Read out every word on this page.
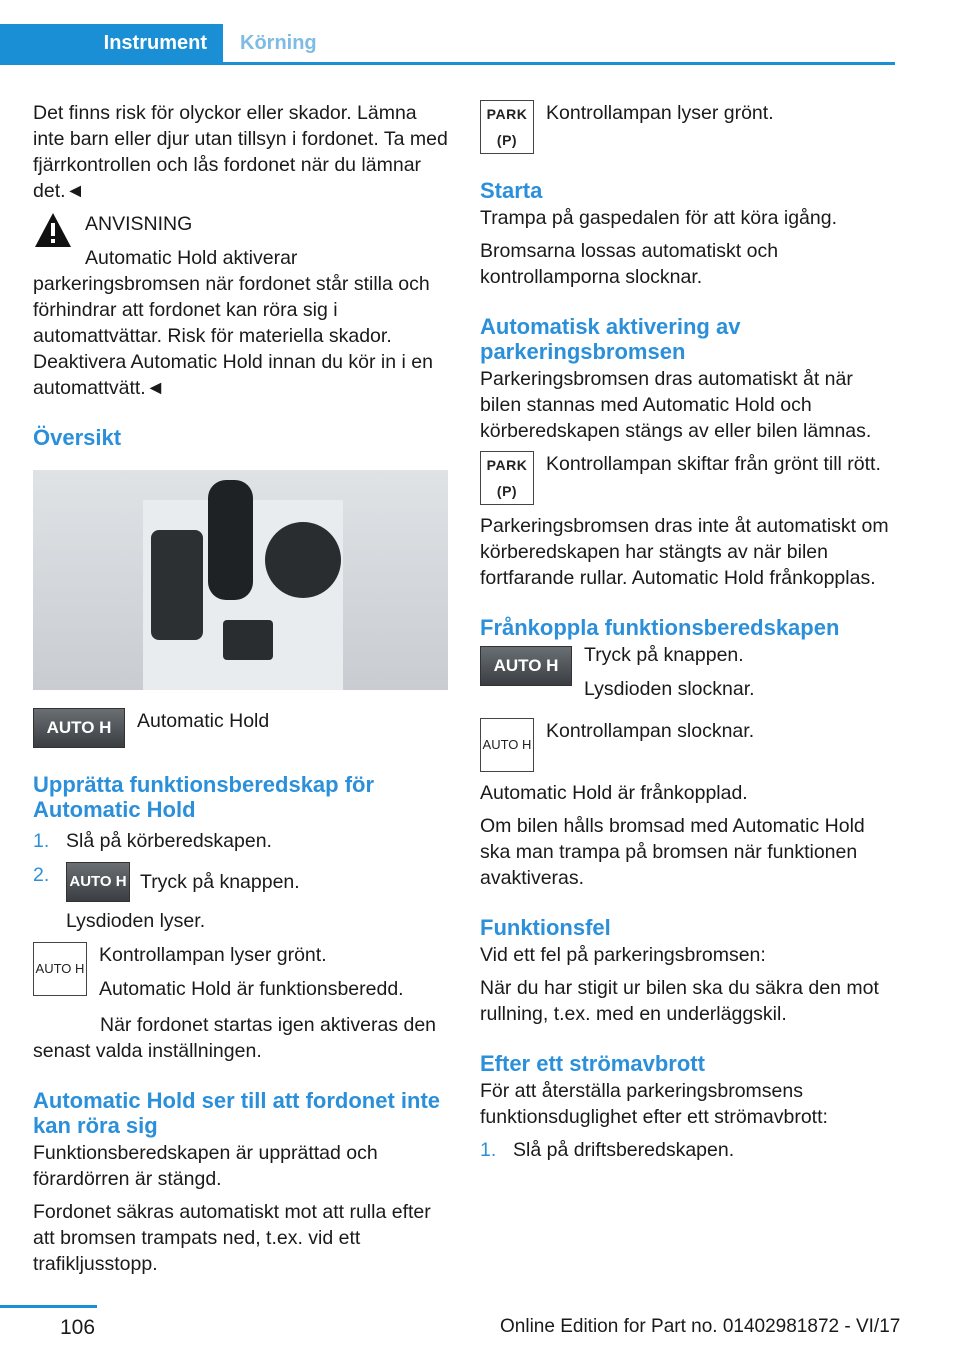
Instrument	Körning

Det finns risk för olyckor eller skador. Lämna inte barn eller djur utan tillsyn i fordonet. Ta med fjärrkontrollen och lås fordonet när du lämnar det.◄

ANVISNING

Automatic Hold aktiverar parkeringsbromsen när fordonet står stilla och förhindrar att fordonet kan röra sig i automattvättar. Risk för materiella skador. Deaktivera Automatic Hold innan du kör in i en automattvätt.◄

Översikt
AUTO H	Automatic Hold

Upprätta funktionsberedskap för Automatic Hold
1. Slå på körberedskapen.
2. AUTO H Tryck på knappen.

Lysdioden lyser.

AUTO H

Kontrollampan lyser grönt.

Automatic Hold är funktionsberedd.

När fordonet startas igen aktiveras den senast valda inställningen.

Automatic Hold ser till att fordonet inte kan röra sig

Funktionsberedskapen är upprättad och förardörren är stängd.

Fordonet säkras automatiskt mot att rulla efter att bromsen trampats ned, t.ex. vid ett trafikljusstopp.

PARK
(P)

Kontrollampan lyser grönt.

Starta

Trampa på gaspedalen för att köra igång.

Bromsarna lossas automatiskt och kontrollamporna slocknar.

Automatisk aktivering av parkeringsbromsen

Parkeringsbromsen dras automatiskt åt när bilen stannas med Automatic Hold och körberedskapen stängs av eller bilen lämnas.

PARK
(P)

Kontrollampan skiftar från grönt till rött.

Parkeringsbromsen dras inte åt automatiskt om körberedskapen har stängts av när bilen fortfarande rullar. Automatic Hold frånkopplas.

Frånkoppla funktionsberedskapen
AUTO H	Tryck på knappen.

Lysdioden slocknar.

AUTO H

Kontrollampan slocknar.

Automatic Hold är frånkopplad.

Om bilen hålls bromsad med Automatic Hold ska man trampa på bromsen när funktionen avaktiveras.

Funktionsfel

Vid ett fel på parkeringsbromsen:

När du har stigit ur bilen ska du säkra den mot rullning, t.ex. med en underläggskil.

Efter ett strömavbrott

För att återställa parkeringsbromsens funktionsduglighet efter ett strömavbrott:

1. Slå på driftsberedskapen.
106	Online Edition for Part no. 01402981872 - VI/17
